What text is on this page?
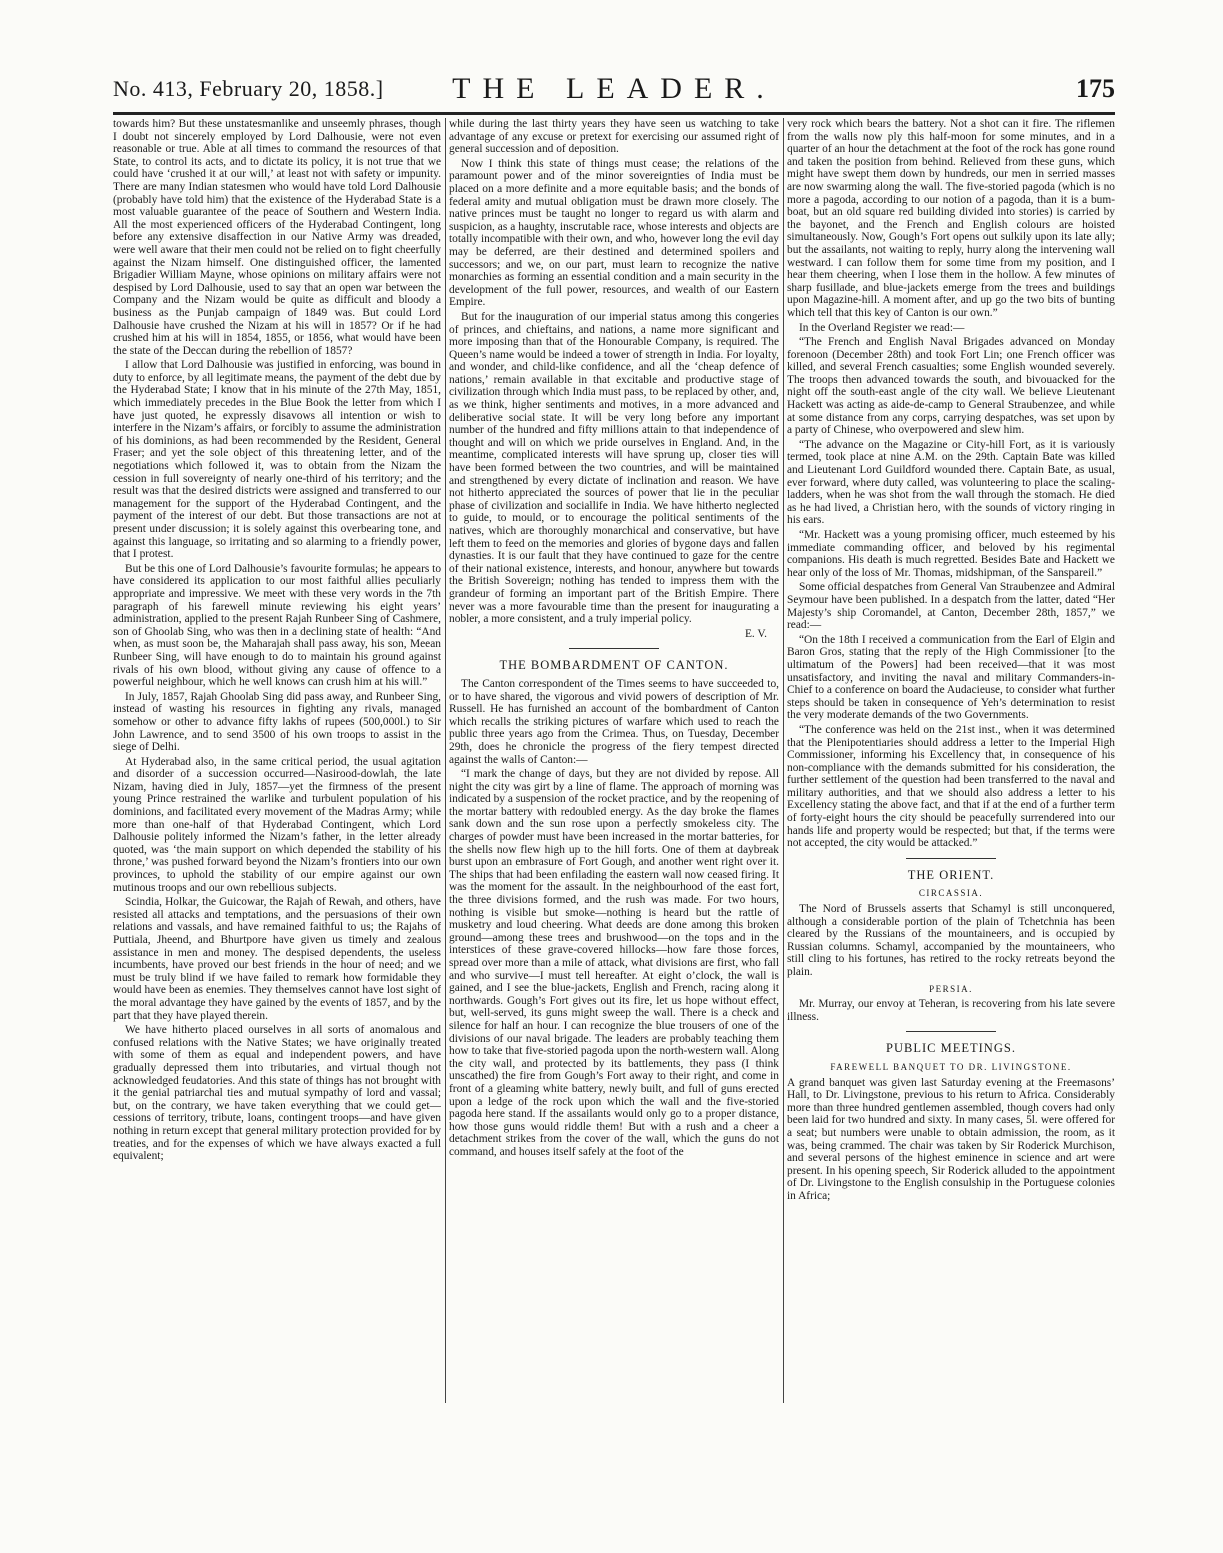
No. 413, February 20, 1858.]	THE LEADER.	175

towards him? But these unstatesmanlike and unseemly phrases, though I doubt not sincerely employed by Lord Dalhousie, were not even reasonable or true. Able at all times to command the resources of that State, to control its acts, and to dictate its policy, it is not true that we could have ‘crushed it at our will,’ at least not with safety or impunity. There are many Indian statesmen who would have told Lord Dalhousie (probably have told him) that the existence of the Hyderabad State is a most valuable guarantee of the peace of Southern and Western India. All the most experienced officers of the Hyderabad Contingent, long before any extensive disaffection in our Native Army was dreaded, were well aware that their men could not be relied on to fight cheerfully against the Nizam himself. One distinguished officer, the lamented Brigadier William Mayne, whose opinions on military affairs were not despised by Lord Dalhousie, used to say that an open war between the Company and the Nizam would be quite as difficult and bloody a business as the Punjab campaign of 1849 was. But could Lord Dalhousie have crushed the Nizam at his will in 1857? Or if he had crushed him at his will in 1854, 1855, or 1856, what would have been the state of the Deccan during the rebellion of 1857?

I allow that Lord Dalhousie was justified in enforcing, was bound in duty to enforce, by all legitimate means, the payment of the debt due by the Hyderabad State; I know that in his minute of the 27th May, 1851, which immediately precedes in the Blue Book the letter from which I have just quoted, he expressly disavows all intention or wish to interfere in the Nizam’s affairs, or forcibly to assume the administration of his dominions, as had been recommended by the Resident, General Fraser; and yet the sole object of this threatening letter, and of the negotiations which followed it, was to obtain from the Nizam the cession in full sovereignty of nearly one-third of his territory; and the result was that the desired districts were assigned and transferred to our management for the support of the Hyderabad Contingent, and the payment of the interest of our debt. But those transactions are not at present under discussion; it is solely against this overbearing tone, and against this language, so irritating and so alarming to a friendly power, that I protest.

But be this one of Lord Dalhousie’s favourite formulas; he appears to have considered its application to our most faithful allies peculiarly appropriate and impressive. We meet with these very words in the 7th paragraph of his farewell minute reviewing his eight years’ administration, applied to the present Rajah Runbeer Sing of Cashmere, son of Ghoolab Sing, who was then in a declining state of health: “And when, as must soon be, the Maharajah shall pass away, his son, Meean Runbeer Sing, will have enough to do to maintain his ground against rivals of his own blood, without giving any cause of offence to a powerful neighbour, which he well knows can crush him at his will.”

In July, 1857, Rajah Ghoolab Sing did pass away, and Runbeer Sing, instead of wasting his resources in fighting any rivals, managed somehow or other to advance fifty lakhs of rupees (500,000l.) to Sir John Lawrence, and to send 3500 of his own troops to assist in the siege of Delhi.

At Hyderabad also, in the same critical period, the usual agitation and disorder of a succession occurred—Nasirood-dowlah, the late Nizam, having died in July, 1857—yet the firmness of the present young Prince restrained the warlike and turbulent population of his dominions, and facilitated every movement of the Madras Army; while more than one-half of that Hyderabad Contingent, which Lord Dalhousie politely informed the Nizam’s father, in the letter already quoted, was ‘the main support on which depended the stability of his throne,’ was pushed forward beyond the Nizam’s frontiers into our own provinces, to uphold the stability of our empire against our own mutinous troops and our own rebellious subjects.

Scindia, Holkar, the Guicowar, the Rajah of Rewah, and others, have resisted all attacks and temptations, and the persuasions of their own relations and vassals, and have remained faithful to us; the Rajahs of Puttiala, Jheend, and Bhurtpore have given us timely and zealous assistance in men and money. The despised dependents, the useless incumbents, have proved our best friends in the hour of need; and we must be truly blind if we have failed to remark how formidable they would have been as enemies. They themselves cannot have lost sight of the moral advantage they have gained by the events of 1857, and by the part that they have played therein.

We have hitherto placed ourselves in all sorts of anomalous and confused relations with the Native States; we have originally treated with some of them as equal and independent powers, and have gradually depressed them into tributaries, and virtual though not acknowledged feudatories. And this state of things has not brought with it the genial patriarchal ties and mutual sympathy of lord and vassal; but, on the contrary, we have taken everything that we could get—cessions of territory, tribute, loans, contingent troops—and have given nothing in return except that general military protection provided for by treaties, and for the expenses of which we have always exacted a full equivalent;

while during the last thirty years they have seen us watching to take advantage of any excuse or pretext for exercising our assumed right of general succession and of deposition.

Now I think this state of things must cease; the relations of the paramount power and of the minor sovereignties of India must be placed on a more definite and a more equitable basis; and the bonds of federal amity and mutual obligation must be drawn more closely. The native princes must be taught no longer to regard us with alarm and suspicion, as a haughty, inscrutable race, whose interests and objects are totally incompatible with their own, and who, however long the evil day may be deferred, are their destined and determined spoilers and successors; and we, on our part, must learn to recognize the native monarchies as forming an essential condition and a main security in the development of the full power, resources, and wealth of our Eastern Empire.

But for the inauguration of our imperial status among this congeries of princes, and chieftains, and nations, a name more significant and more imposing than that of the Honourable Company, is required. The Queen’s name would be indeed a tower of strength in India. For loyalty, and wonder, and child-like confidence, and all the ‘cheap defence of nations,’ remain available in that excitable and productive stage of civilization through which India must pass, to be replaced by other, and, as we think, higher sentiments and motives, in a more advanced and deliberative social state. It will be very long before any important number of the hundred and fifty millions attain to that independence of thought and will on which we pride ourselves in England. And, in the meantime, complicated interests will have sprung up, closer ties will have been formed between the two countries, and will be maintained and strengthened by every dictate of inclination and reason. We have not hitherto appreciated the sources of power that lie in the peculiar phase of civilization and sociallife in India. We have hitherto neglected to guide, to mould, or to encourage the political sentiments of the natives, which are thoroughly monarchical and conservative, but have left them to feed on the memories and glories of bygone days and fallen dynasties. It is our fault that they have continued to gaze for the centre of their national existence, interests, and honour, anywhere but towards the British Sovereign; nothing has tended to impress them with the grandeur of forming an important part of the British Empire. There never was a more favourable time than the present for inaugurating a nobler, a more consistent, and a truly imperial policy.

E. V.
THE BOMBARDMENT OF CANTON.

The Canton correspondent of the Times seems to have succeeded to, or to have shared, the vigorous and vivid powers of description of Mr. Russell. He has furnished an account of the bombardment of Canton which recalls the striking pictures of warfare which used to reach the public three years ago from the Crimea. Thus, on Tuesday, December 29th, does he chronicle the progress of the fiery tempest directed against the walls of Canton:—

“I mark the change of days, but they are not divided by repose. All night the city was girt by a line of flame. The approach of morning was indicated by a suspension of the rocket practice, and by the reopening of the mortar battery with redoubled energy. As the day broke the flames sank down and the sun rose upon a perfectly smokeless city. The charges of powder must have been increased in the mortar batteries, for the shells now flew high up to the hill forts. One of them at daybreak burst upon an embrasure of Fort Gough, and another went right over it. The ships that had been enfilading the eastern wall now ceased firing. It was the moment for the assault. In the neighbourhood of the east fort, the three divisions formed, and the rush was made. For two hours, nothing is visible but smoke—nothing is heard but the rattle of musketry and loud cheering. What deeds are done among this broken ground—among these trees and brushwood—on the tops and in the interstices of these grave-covered hillocks—how fare those forces, spread over more than a mile of attack, what divisions are first, who fall and who survive—I must tell hereafter. At eight o’clock, the wall is gained, and I see the blue-jackets, English and French, racing along it northwards. Gough’s Fort gives out its fire, let us hope without effect, but, well-served, its guns might sweep the wall. There is a check and silence for half an hour. I can recognize the blue trousers of one of the divisions of our naval brigade. The leaders are probably teaching them how to take that five-storied pagoda upon the north-western wall. Along the city wall, and protected by its battlements, they pass (I think unscathed) the fire from Gough’s Fort away to their right, and come in front of a gleaming white battery, newly built, and full of guns erected upon a ledge of the rock upon which the wall and the five-storied pagoda here stand. If the assailants would only go to a proper distance, how those guns would riddle them! But with a rush and a cheer a detachment strikes from the cover of the wall, which the guns do not command, and houses itself safely at the foot of the

very rock which bears the battery. Not a shot can it fire. The riflemen from the walls now ply this half-moon for some minutes, and in a quarter of an hour the detachment at the foot of the rock has gone round and taken the position from behind. Relieved from these guns, which might have swept them down by hundreds, our men in serried masses are now swarming along the wall. The five-storied pagoda (which is no more a pagoda, according to our notion of a pagoda, than it is a bum-boat, but an old square red building divided into stories) is carried by the bayonet, and the French and English colours are hoisted simultaneously. Now, Gough’s Fort opens out sulkily upon its late ally; but the assailants, not waiting to reply, hurry along the intervening wall westward. I can follow them for some time from my position, and I hear them cheering, when I lose them in the hollow. A few minutes of sharp fusillade, and blue-jackets emerge from the trees and buildings upon Magazine-hill. A moment after, and up go the two bits of bunting which tell that this key of Canton is our own.”

In the Overland Register we read:—

“The French and English Naval Brigades advanced on Monday forenoon (December 28th) and took Fort Lin; one French officer was killed, and several French casualties; some English wounded severely. The troops then advanced towards the south, and bivouacked for the night off the south-east angle of the city wall. We believe Lieutenant Hackett was acting as aide-de-camp to General Straubenzee, and while at some distance from any corps, carrying despatches, was set upon by a party of Chinese, who overpowered and slew him.

“The advance on the Magazine or City-hill Fort, as it is variously termed, took place at nine A.M. on the 29th. Captain Bate was killed and Lieutenant Lord Guildford wounded there. Captain Bate, as usual, ever forward, where duty called, was volunteering to place the scaling-ladders, when he was shot from the wall through the stomach. He died as he had lived, a Christian hero, with the sounds of victory ringing in his ears.

“Mr. Hackett was a young promising officer, much esteemed by his immediate commanding officer, and beloved by his regimental companions. His death is much regretted. Besides Bate and Hackett we hear only of the loss of Mr. Thomas, midshipman, of the Sanspareil.”

Some official despatches from General Van Straubenzee and Admiral Seymour have been published. In a despatch from the latter, dated “Her Majesty’s ship Coromandel, at Canton, December 28th, 1857,” we read:—

“On the 18th I received a communication from the Earl of Elgin and Baron Gros, stating that the reply of the High Commissioner [to the ultimatum of the Powers] had been received—that it was most unsatisfactory, and inviting the naval and military Commanders-in-Chief to a conference on board the Audacieuse, to consider what further steps should be taken in consequence of Yeh’s determination to resist the very moderate demands of the two Governments.

“The conference was held on the 21st inst., when it was determined that the Plenipotentiaries should address a letter to the Imperial High Commissioner, informing his Excellency that, in consequence of his non-compliance with the demands submitted for his consideration, the further settlement of the question had been transferred to the naval and military authorities, and that we should also address a letter to his Excellency stating the above fact, and that if at the end of a further term of forty-eight hours the city should be peacefully surrendered into our hands life and property would be respected; but that, if the terms were not accepted, the city would be attacked.”

THE ORIENT.
CIRCASSIA.

The Nord of Brussels asserts that Schamyl is still unconquered, although a considerable portion of the plain of Tchetchnia has been cleared by the Russians of the mountaineers, and is occupied by Russian columns. Schamyl, accompanied by the mountaineers, who still cling to his fortunes, has retired to the rocky retreats beyond the plain.

PERSIA.

Mr. Murray, our envoy at Teheran, is recovering from his late severe illness.

PUBLIC MEETINGS.
FAREWELL BANQUET TO DR. LIVINGSTONE.

A grand banquet was given last Saturday evening at the Freemasons’ Hall, to Dr. Livingstone, previous to his return to Africa. Considerably more than three hundred gentlemen assembled, though covers had only been laid for two hundred and sixty. In many cases, 5l. were offered for a seat; but numbers were unable to obtain admission, the room, as it was, being crammed. The chair was taken by Sir Roderick Murchison, and several persons of the highest eminence in science and art were present. In his opening speech, Sir Roderick alluded to the appointment of Dr. Livingstone to the English consulship in the Portuguese colonies in Africa;
